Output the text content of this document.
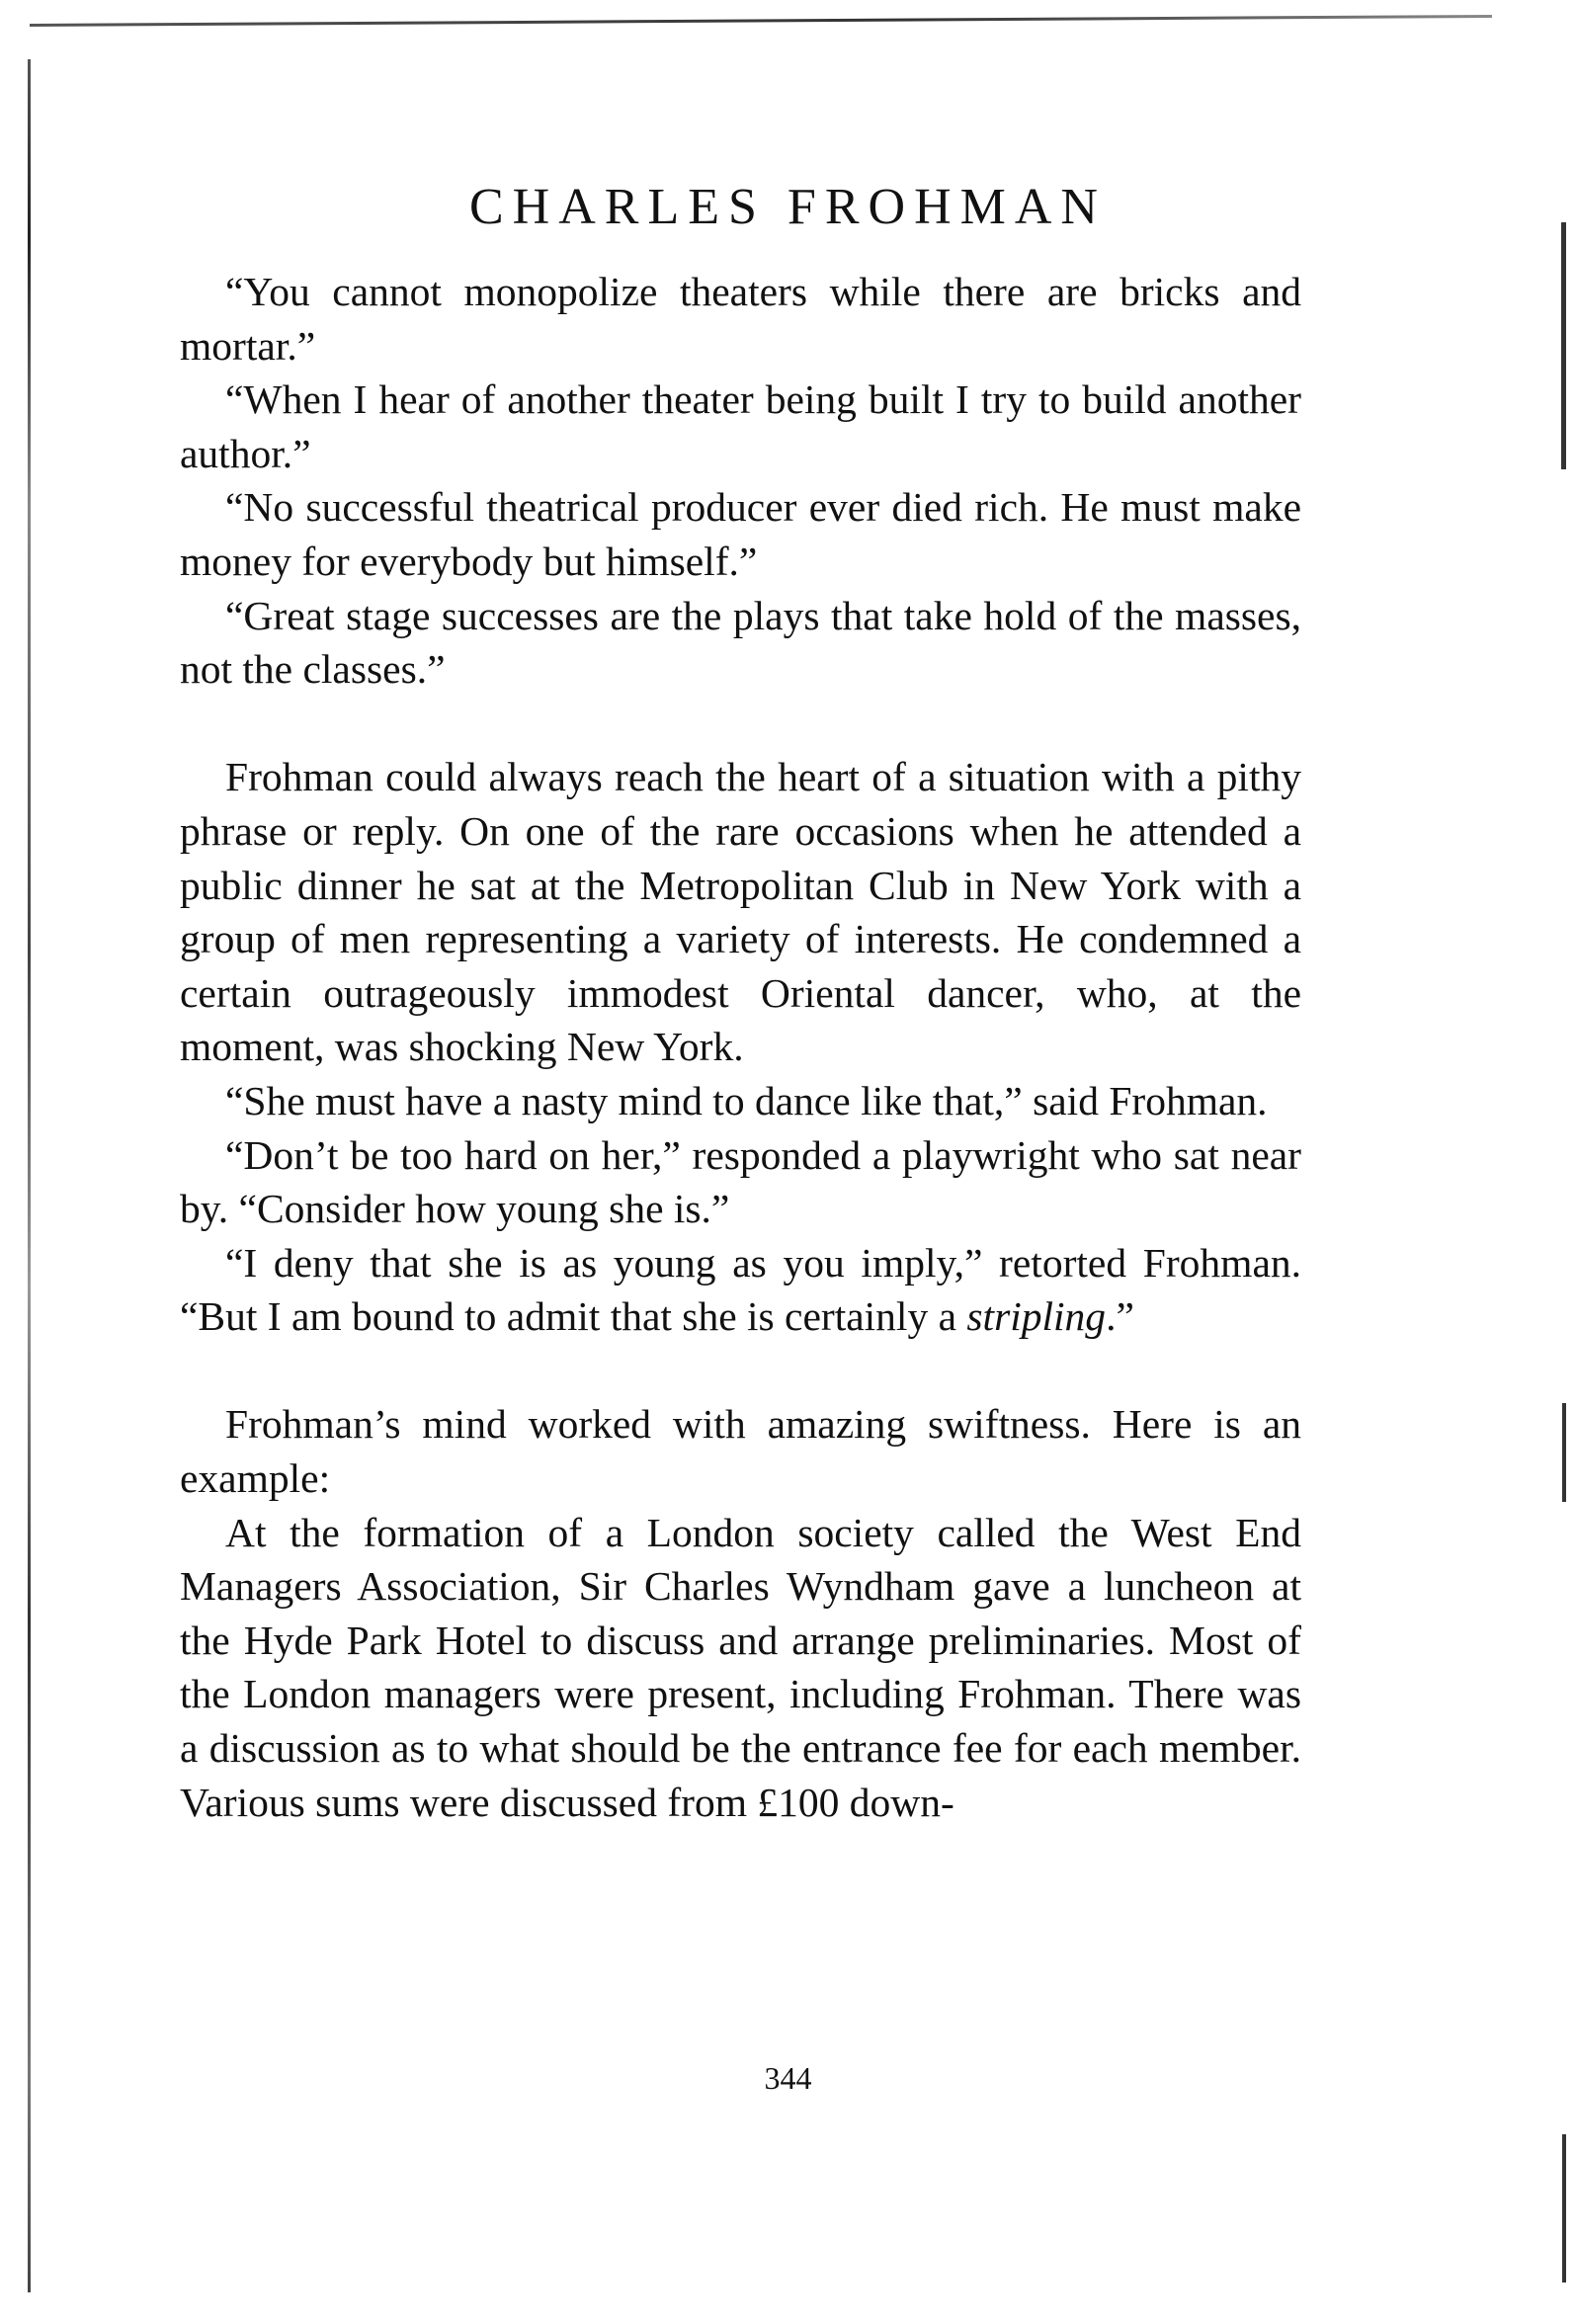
CHARLES FROHMAN

“You cannot monopolize theaters while there are bricks and mortar.”

“When I hear of another theater being built I try to build another author.”

“No successful theatrical producer ever died rich. He must make money for everybody but himself.”

“Great stage successes are the plays that take hold of the masses, not the classes.”

Frohman could always reach the heart of a situation with a pithy phrase or reply. On one of the rare occasions when he attended a public dinner he sat at the Metropolitan Club in New York with a group of men representing a variety of interests. He condemned a certain outrageously immodest Oriental dancer, who, at the moment, was shocking New York.

“She must have a nasty mind to dance like that,” said Frohman.

“Don’t be too hard on her,” responded a playwright who sat near by. “Consider how young she is.”

“I deny that she is as young as you imply,” retorted Frohman. “But I am bound to admit that she is certainly a stripling.”

Frohman’s mind worked with amazing swiftness. Here is an example:

At the formation of a London society called the West End Managers Association, Sir Charles Wyndham gave a luncheon at the Hyde Park Hotel to discuss and arrange preliminaries. Most of the London managers were present, including Frohman. There was a discussion as to what should be the entrance fee for each member. Various sums were discussed from £100 down-

344
